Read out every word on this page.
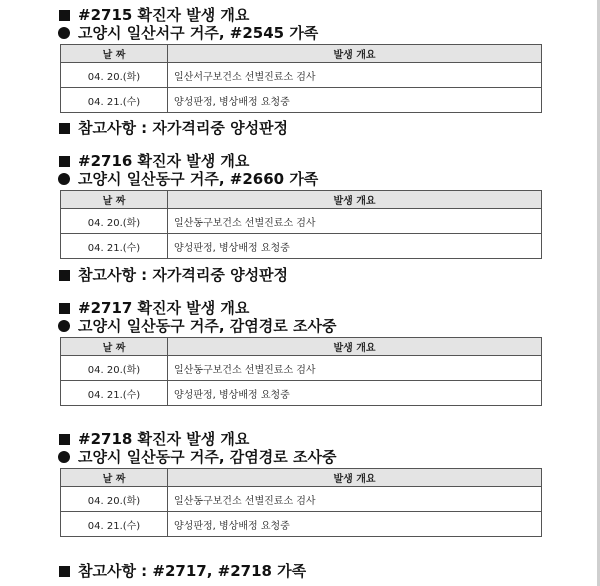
#2715 확진자 발생 개요
고양시 일산서구 거주, #2545 가족
날 짜	발생 개요
04. 20.(화)	일산서구보건소 선별진료소 검사
04. 21.(수)	양성판정, 병상배정 요청중
참고사항 : 자가격리중 양성판정
#2716 확진자 발생 개요
고양시 일산동구 거주, #2660 가족
날 짜	발생 개요
04. 20.(화)	일산동구보건소 선별진료소 검사
04. 21.(수)	양성판정, 병상배정 요청중
참고사항 : 자가격리중 양성판정
#2717 확진자 발생 개요
고양시 일산동구 거주, 감염경로 조사중
날 짜	발생 개요
04. 20.(화)	일산동구보건소 선별진료소 검사
04. 21.(수)	양성판정, 병상배정 요청중
#2718 확진자 발생 개요
고양시 일산동구 거주, 감염경로 조사중
날 짜	발생 개요
04. 20.(화)	일산동구보건소 선별진료소 검사
04. 21.(수)	양성판정, 병상배정 요청중
참고사항 : #2717, #2718 가족
